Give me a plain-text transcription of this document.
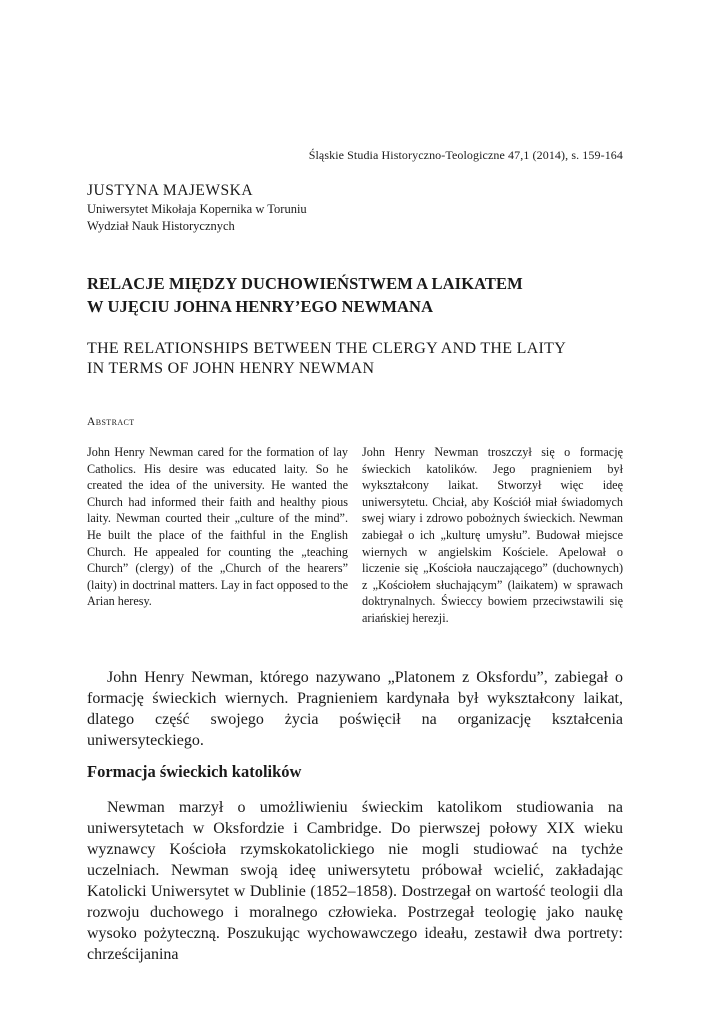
Śląskie Studia Historyczno-Teologiczne 47,1 (2014), s. 159-164
JUSTYNA MAJEWSKA
Uniwersytet Mikołaja Kopernika w Toruniu
Wydział Nauk Historycznych
RELACJE MIĘDZY DUCHOWIEŃSTWEM A LAIKATEM
W UJĘCIU JOHNA HENRY’EGO NEWMANA
THE RELATIONSHIPS BETWEEN THE CLERGY AND THE LAITY
IN TERMS OF JOHN HENRY NEWMAN
Abstract
John Henry Newman cared for the formation of lay Catholics. His desire was educated laity. So he created the idea of the university. He wanted the Church had informed their faith and healthy pious laity. Newman courted their „culture of the mind”. He built the place of the faithful in the English Church. He appealed for counting the „teaching Church” (clergy) of the „Church of the hearers” (laity) in doctrinal matters. Lay in fact opposed to the Arian heresy.
John Henry Newman troszczył się o formację świeckich katolików. Jego pragnieniem był wykształcony laikat. Stworzył więc ideę uniwersytetu. Chciał, aby Kościół miał świadomych swej wiary i zdrowo pobożnych świeckich. Newman zabiegał o ich „kulturę umysłu”. Budował miejsce wiernych w angielskim Kościele. Apelował o liczenie się „Kościoła nauczającego” (duchownych) z „Kościołem słuchającym” (laikatem) w sprawach doktrynalnych. Świeccy bowiem przeciwstawili się ariańskiej herezji.
John Henry Newman, którego nazywano „Platonem z Oksfordu”, zabiegał o formację świeckich wiernych. Pragnieniem kardynała był wykształcony laikat, dlatego część swojego życia poświęcił na organizację kształcenia uniwersyteckiego.
Formacja świeckich katolików
Newman marzył o umożliwieniu świeckim katolikom studiowania na uniwersytetach w Oksfordzie i Cambridge. Do pierwszej połowy XIX wieku wyznawcy Kościoła rzymskokatolickiego nie mogli studiować na tychże uczelniach. Newman swoją ideę uniwersytetu próbował wcielić, zakładając Katolicki Uniwersytet w Dublinie (1852–1858). Dostrzegał on wartość teologii dla rozwoju duchowego i moralnego człowieka. Postrzegał teologię jako naukę wysoko pożyteczną. Poszukując wychowawczego ideału, zestawił dwa portrety: chrześcijanina
